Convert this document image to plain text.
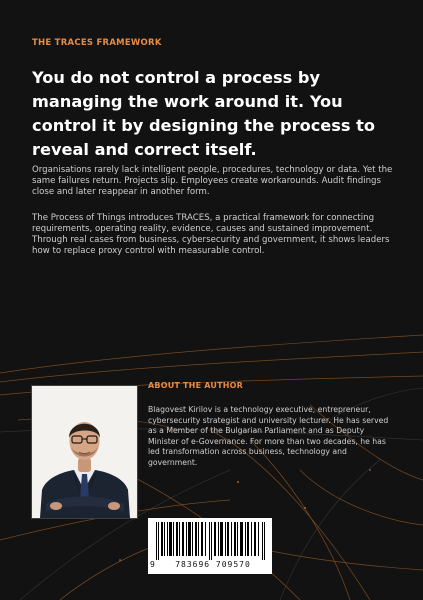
THE TRACES FRAMEWORK
You do not control a process by managing the work around it. You control it by designing the process to reveal and correct itself.

Organisations rarely lack intelligent people, procedures, technology or data. Yet the same failures return. Projects slip. Employees create workarounds. Audit findings close and later reappear in another form.

The Process of Things introduces TRACES, a practical framework for connecting requirements, operating reality, evidence, causes and sustained improvement. Through real cases from business, cybersecurity and government, it shows leaders how to replace proxy control with measurable control.

ABOUT THE AUTHOR

Blagovest Kirilov is a technology executive, entrepreneur, cybersecurity strategist and university lecturer. He has served as a Member of the Bulgarian Parliament and as Deputy Minister of e-Governance. For more than two decades, he has led transformation across business, technology and government.

9	783696 709570
